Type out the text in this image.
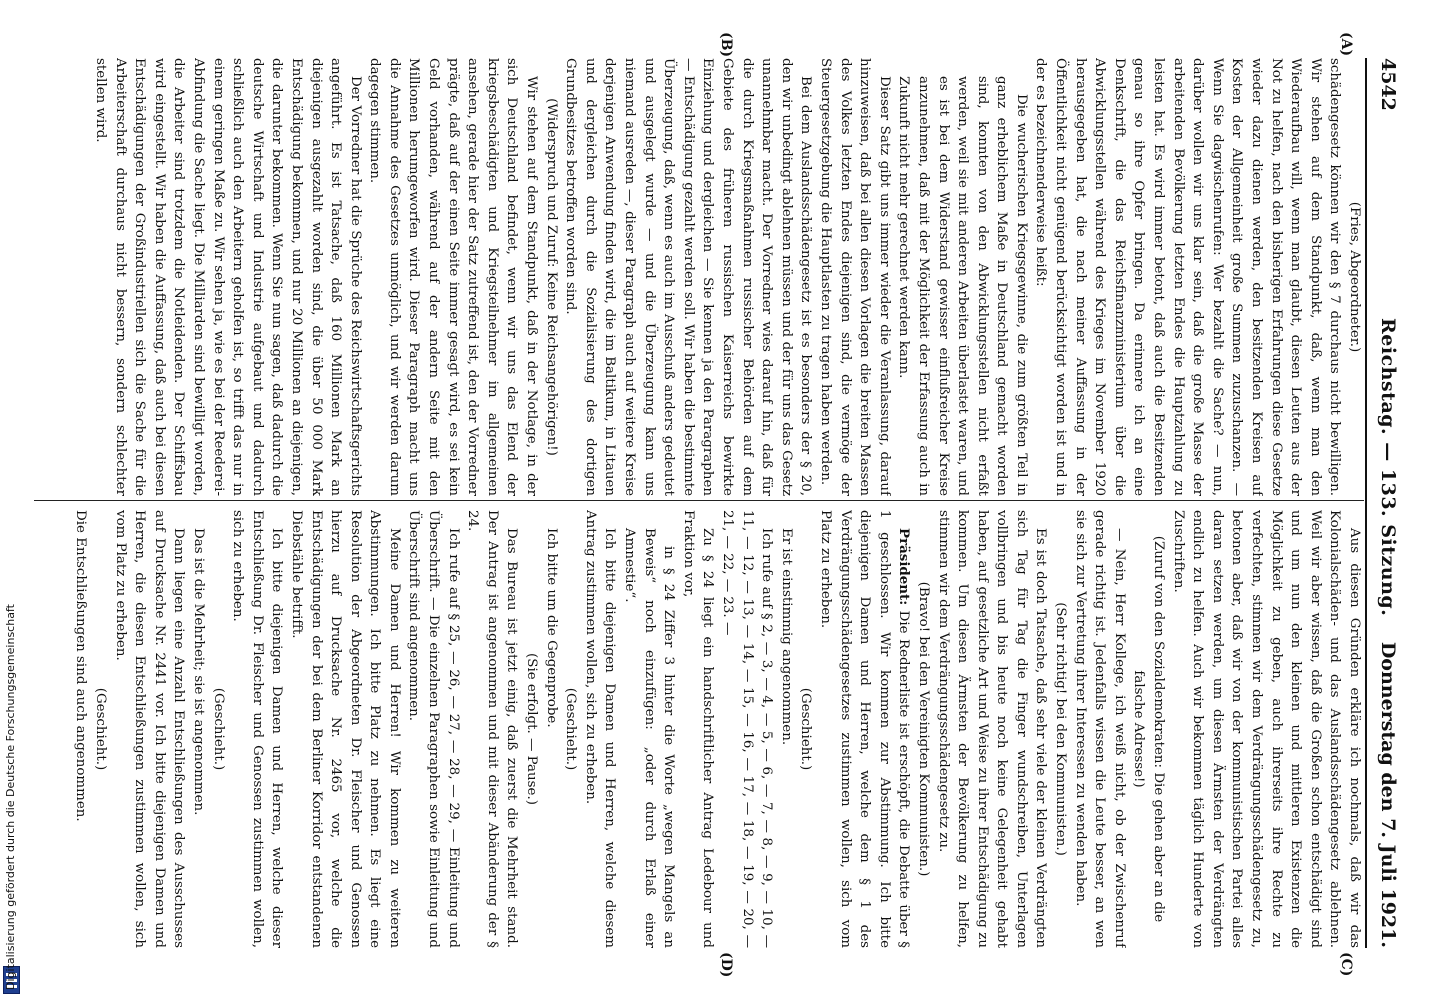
4542
Reichstag. — 133. Sitzung.
Donnerstag den 7. Juli 1921.
(A)
(B)
(C)
(D)

(Fries, Abgeordneter.)

schädengesetz können wir den § 7 durchaus nicht bewilligen. Wir stehen auf dem Standpunkt, daß, wenn man den Wiederaufbau will, wenn man glaubt, diesen Leuten aus der Not zu helfen, nach den bisherigen Erfahrungen diese Gesetze wieder dazu dienen werden, den besitzenden Kreisen auf Kosten der Allgemeinheit große Summen zuzuschanzen. — Wenn Sie dagwischenrufen: Wer bezahlt die Sache? — nun, darüber wollen wir uns klar sein, daß die große Masse der arbeitenden Bevölkerung letzten Endes die Hauptzahlung zu leisten hat. Es wird immer betont, daß auch die Besitzenden genau so ihre Opfer bringen. Da erinnere ich an eine Denkschrift, die das Reichsfinanzministerium über die Abwicklungsstellen während des Krieges im November 1920 herausgegeben hat, die nach meiner Auffassung in der Öffentlichkeit nicht genügend berücksichtigt worden ist und in der es bezeichnenderweise heißt:

Die wucherischen Kriegsgewinne, die zum größten Teil in ganz erheblichem Maße in Deutschland gemacht worden sind, konnten von den Abwicklungsstellen nicht erfaßt werden, weil sie mit anderen Arbeiten überlastet waren, und es ist bei dem Widerstand gewisser einflußreicher Kreise anzunehmen, daß mit der Möglichkeit der Erfassung auch in Zukunft nicht mehr gerechnet werden kann.

Dieser Satz gibt uns immer wieder die Veranlassung, darauf hinzuweisen, daß bei allen diesen Vorlagen die breiten Massen des Volkes letzten Endes diejenigen sind, die vermöge der Steuergesetzgebung die Hauptlasten zu tragen haben werden.

Bei dem Auslandsschädengesetz ist es besonders der § 20, den wir unbedingt ablehnen müssen und der für uns das Gesetz unannehmbar macht. Der Vorredner wies darauf hin, daß für die durch Kriegsmaßnahmen russischer Behörden auf dem Gebiete des früheren russischen Kaiserreichs bewirkte Einziehung und dergleichen — Sie kennen ja den Paragraphen — Entschädigung gezahlt werden soll. Wir haben die bestimmte Überzeugung, daß, wenn es auch im Ausschuß anders gedeutet und ausgelegt wurde — und die Überzeugung kann uns niemand ausreden —, dieser Paragraph auch auf weitere Kreise derjenigen Anwendung finden wird, die im Baltikum, in Litauen und dergleichen durch die Sozialisierung des dortigen Grundbesitzes betroffen worden sind.

(Widerspruch und Zuruf: Keine Reichsangehörigen!)

Wir stehen auf dem Standpunkt, daß in der Notlage, in der sich Deutschland befindet, wenn wir uns das Elend der kriegsbeschädigten und Kriegsteilnehmer im allgemeinen ansehen, gerade hier der Satz zutreffend ist, den der Vorredner prägte, daß auf der einen Seite immer gesagt wird, es sei kein Geld vorhanden, während auf der andern Seite mit den Millionen herumgeworfen wird. Dieser Paragraph macht uns die Annahme des Gesetzes unmöglich, und wir werden darum dagegen stimmen.

Der Vorredner hat die Sprüche des Reichswirtschaftsgerichts angeführt. Es ist Tatsache, daß 160 Millionen Mark an diejenigen ausgezahlt worden sind, die über 50 000 Mark Entschädigung bekommen, und nur 20 Millionen an diejenigen, die darunter bekommen. Wenn Sie nun sagen, daß dadurch die deutsche Wirtschaft und Industrie aufgebaut und dadurch schließlich auch den Arbeitern geholfen ist, so trifft das nur in einem geringen Maße zu. Wir sehen ja, wie es bei der Reederei-Abfindung die Sache liegt. Die Milliarden sind bewilligt worden, die Arbeiter sind trotzdem die Notleidenden. Der Schiffsbau wird eingestellt. Wir haben die Auffassung, daß auch bei diesen Entschädigungen der Großindustriellen sich die Sache für die Arbeiterschaft durchaus nicht bessern, sondern schlechter stellen wird.

Aus diesen Gründen erkläre ich nochmals, daß wir das Kolonialschäden- und das Auslandsschädengesetz ablehnen. Weil wir aber wissen, daß die Großen schon entschädigt sind und um nun den kleinen und mittleren Existenzen die Möglichkeit zu geben, auch ihrerseits ihre Rechte zu verfechten, stimmen wir dem Verdrängungsschädengesetz zu, betonen aber, daß wir von der kommunistischen Partei alles daran setzen werden, um diesen Ärmsten der Verdrängten endlich zu helfen. Auch wir bekommen täglich Hunderte von Zuschriften.

(Zuruf von den Sozialdemokraten: Die gehen aber an die falsche Adresse!)

— Nein, Herr Kollege, ich weiß nicht, ob der Zwischenruf gerade richtig ist. Jedenfalls wissen die Leute besser, an wen sie sich zur Vertretung ihrer Interessen zu wenden haben.

(Sehr richtig! bei den Kommunisten.)

Es ist doch Tatsache, daß sehr viele der kleinen Verdrängten sich Tag für Tag die Finger wundschreiben, Unterlagen vollbringen und bis heute noch keine Gelegenheit gehabt haben, auf gesetzliche Art und Weise zu ihrer Entschädigung zu kommen. Um diesen Ärmsten der Bevölkerung zu helfen, stimmen wir dem Verdrängungsschädengesetz zu.

(Bravo! bei den Vereinigten Kommunisten.)

Präsident: Die Rednerliste ist erschöpft, die Debatte über § 1 geschlossen. Wir kommen zur Abstimmung. Ich bitte diejenigen Damen und Herren, welche dem § 1 des Verdrängungsschädengesetzes zustimmen wollen, sich vom Platz zu erheben.

(Geschieht.)

Er ist einstimmig angenommen.

Ich rufe auf § 2, — 3, — 4, — 5, — 6, — 7, — 8, — 9, — 10, — 11, — 12, — 13, — 14, — 15, — 16, — 17, — 18, — 19, — 20, — 21, — 22, — 23. —

Zu § 24 liegt ein handschriftlicher Antrag Ledebour und Fraktion vor,

in § 24 Ziffer 3 hinter die Worte „wegen Mangels an Beweis“ noch einzufügen: „oder durch Erlaß einer Amnestie“.

Ich bitte diejenigen Damen und Herren, welche diesem Antrag zustimmen wollen, sich zu erheben.

(Geschieht.)

Ich bitte um die Gegenprobe.

(Sie erfolgt. — Pause.)

Das Bureau ist jetzt einig, daß zuerst die Mehrheit stand. Der Antrag ist angenommen und mit dieser Abänderung der § 24.

Ich rufe auf § 25, — 26, — 27, — 28, — 29, — Einleitung und Überschrift. — Die einzelnen Paragraphen sowie Einleitung und Überschrift sind angenommen.

Meine Damen und Herren! Wir kommen zu weiteren Abstimmungen. Ich bitte Platz zu nehmen. Es liegt eine Resolution der Abgeordneten Dr. Fleischer und Genossen hierzu auf Drucksache Nr. 2465 vor, welche die Entschädigungen der bei dem Berliner Korridor entstandenen Diebstähle betrifft.

Ich bitte diejenigen Damen und Herren, welche dieser Entschließung Dr. Fleischer und Genossen zustimmen wollen, sich zu erheben.

(Geschieht.)

Das ist die Mehrheit; sie ist angenommen.

Dann liegen eine Anzahl Entschließungen des Ausschusses auf Drucksache Nr. 2441 vor. Ich bitte diejenigen Damen und Herren, die diesen Entschließungen zustimmen wollen, sich vom Platz zu erheben.

(Geschieht.)

Die Entschließungen sind auch angenommen.

Digitalisierung gefördert durch die Deutsche Forschungsgemeinschaft
